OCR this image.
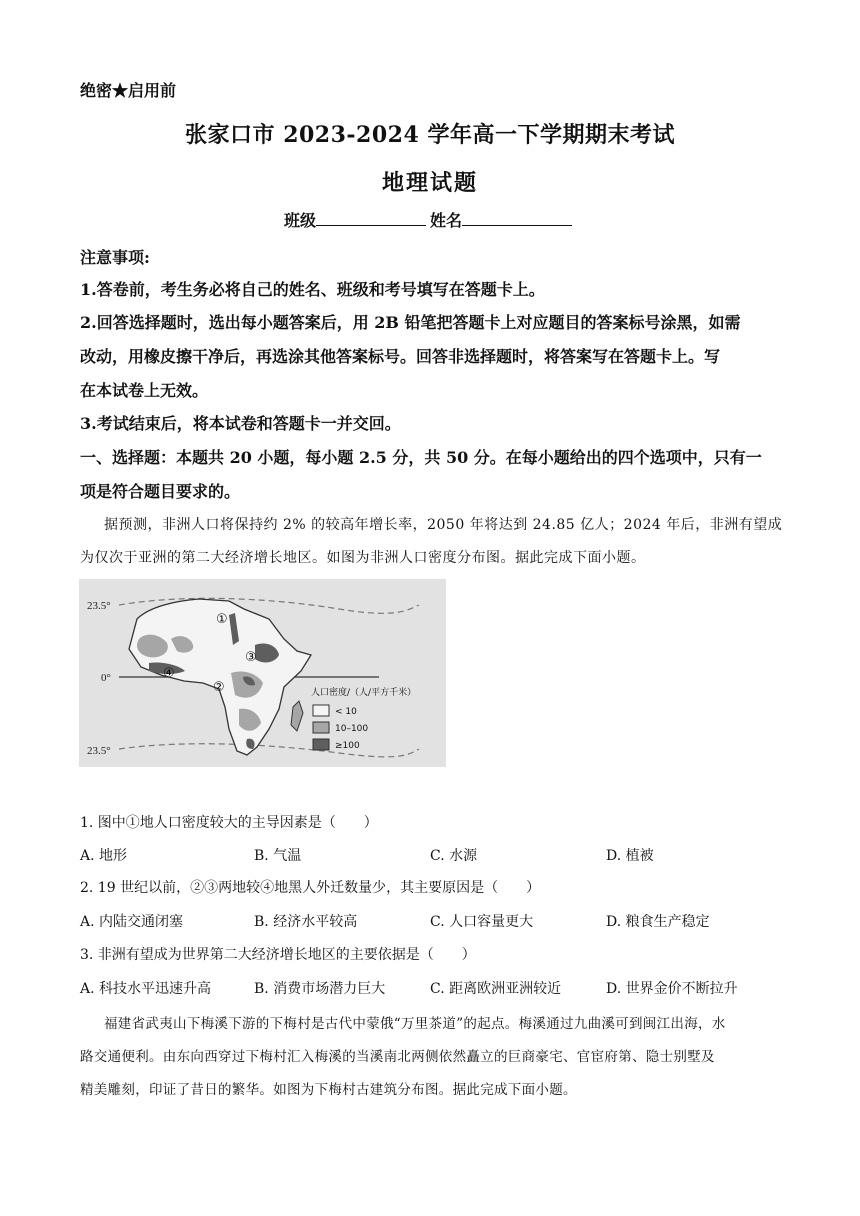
绝密★启用前
张家口市 2023-2024 学年高一下学期期末考试
地理试题
班级	姓名
注意事项:
1.答卷前，考生务必将自己的姓名、班级和考号填写在答题卡上。
2.回答选择题时，选出每小题答案后，用 2B 铅笔把答题卡上对应题目的答案标号涂黑，如需
改动，用橡皮擦干净后，再选涂其他答案标号。回答非选择题时，将答案写在答题卡上。写
在本试卷上无效。
3.考试结束后，将本试卷和答题卡一并交回。
一、选择题：本题共 20 小题，每小题 2.5 分，共 50 分。在每小题给出的四个选项中，只有一
项是符合题目要求的。
据预测，非洲人口将保持约 2% 的较高年增长率，2050 年将达到 24.85 亿人；2024 年后，非洲有望成
为仅次于亚洲的第二大经济增长地区。如图为非洲人口密度分布图。据此完成下面小题。
23.5°
0°
23.5°
①
②
③
④
人口密度/（人/平方千米）
< 10
10–100
≥100
1. 图中①地人口密度较大的主导因素是（　　）
A. 地形	B. 气温	C. 水源	D. 植被
2. 19 世纪以前，②③两地较④地黑人外迁数量少，其主要原因是（　　）
A. 内陆交通闭塞	B. 经济水平较高	C. 人口容量更大	D. 粮食生产稳定
3. 非洲有望成为世界第二大经济增长地区的主要依据是（　　）
A. 科技水平迅速升高	B. 消费市场潜力巨大	C. 距离欧洲亚洲较近	D. 世界金价不断拉升
福建省武夷山下梅溪下游的下梅村是古代中蒙俄“万里茶道”的起点。梅溪通过九曲溪可到闽江出海，水
路交通便利。由东向西穿过下梅村汇入梅溪的当溪南北两侧依然矗立的巨商豪宅、官宦府第、隐士别墅及
精美雕刻，印证了昔日的繁华。如图为下梅村古建筑分布图。据此完成下面小题。
